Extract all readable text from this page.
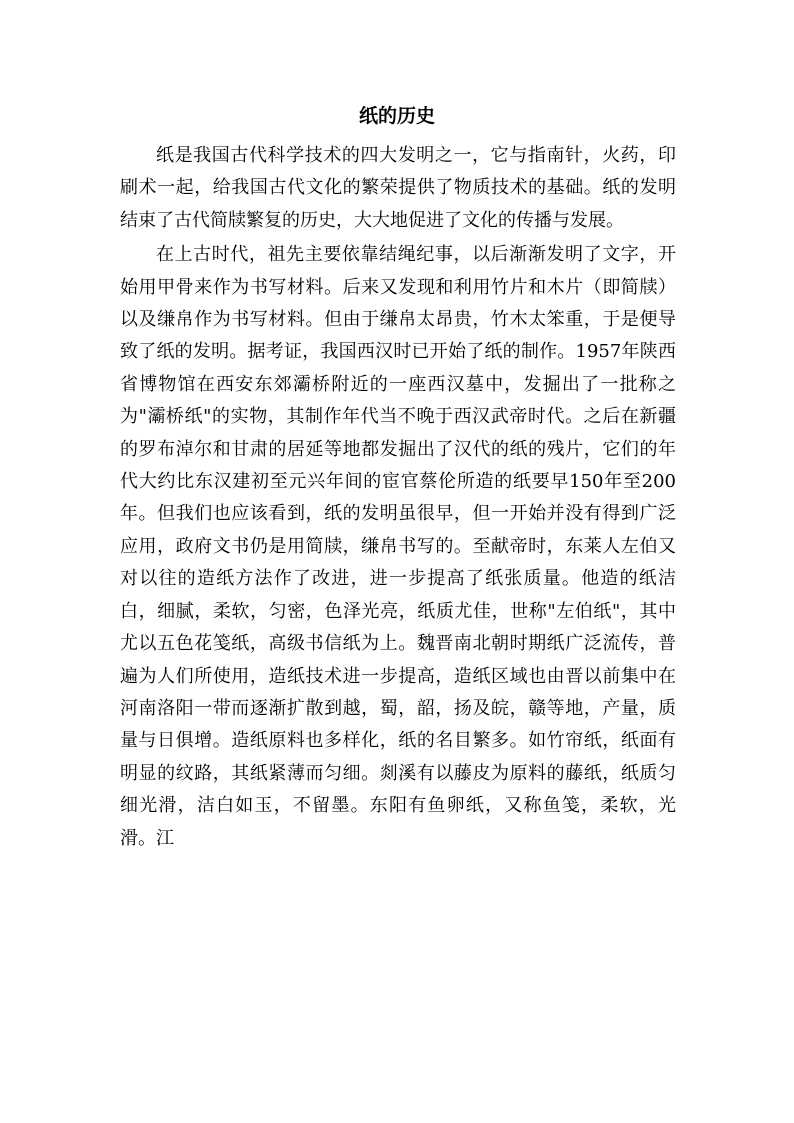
纸的历史

纸是我国古代科学技术的四大发明之一，它与指南针，火药，印刷术一起，给我国古代文化的繁荣提供了物质技术的基础。纸的发明结束了古代简牍繁复的历史，大大地促进了文化的传播与发展。

在上古时代，祖先主要依靠结绳纪事，以后渐渐发明了文字，开始用甲骨来作为书写材料。后来又发现和利用竹片和木片（即简牍）以及缣帛作为书写材料。但由于缣帛太昂贵，竹木太笨重，于是便导致了纸的发明。据考证，我国西汉时已开始了纸的制作。1957年陕西省博物馆在西安东郊灞桥附近的一座西汉墓中，发掘出了一批称之为"灞桥纸"的实物，其制作年代当不晚于西汉武帝时代。之后在新疆的罗布淖尔和甘肃的居延等地都发掘出了汉代的纸的残片，它们的年代大约比东汉建初至元兴年间的宦官蔡伦所造的纸要早150年至200年。但我们也应该看到，纸的发明虽很早，但一开始并没有得到广泛应用，政府文书仍是用简牍，缣帛书写的。至献帝时，东莱人左伯又对以往的造纸方法作了改进，进一步提高了纸张质量。他造的纸洁白，细腻，柔软，匀密，色泽光亮，纸质尤佳，世称"左伯纸"，其中尤以五色花笺纸，高级书信纸为上。魏晋南北朝时期纸广泛流传，普遍为人们所使用，造纸技术进一步提高，造纸区域也由晋以前集中在河南洛阳一带而逐渐扩散到越，蜀，韶，扬及皖，赣等地，产量，质量与日俱增。造纸原料也多样化，纸的名目繁多。如竹帘纸，纸面有明显的纹路，其纸紧薄而匀细。剡溪有以藤皮为原料的藤纸，纸质匀细光滑，洁白如玉，不留墨。东阳有鱼卵纸，又称鱼笺，柔软，光滑。江
